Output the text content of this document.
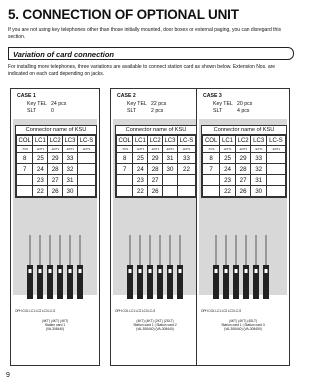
5. CONNECTION OF OPTIONAL UNIT
If you are not using key telephones other than those initially mounted, door boxes or external paging, you can disregard this section.
Variation of card connection
For installing more telephones, three variations are available to connect station card as shown below. Extension Nos. are indicated on each card depending on jacks.
CASE 1
Key TEL 24 pcs
SLT	0
Connector name of KSU
COL	LC1	LC2	LC3	LC-S
-TCS	-EXT1	-EXT1	-EXT1	-EXT1
8	25	29	33	
7	24	28	32	
	23	27	31	
	22	26	30	
OPH COL LC1 LC2 LC3 LC-S
(4KT) (4KT) (4KT)
Station card 1
(VA-308440)
CASE 2
Key TEL 22 pcs
SLT	2 pcs
Connector name of KSU
COL	LC1	LC2	LC3	LC-S
-TCS	-EXT1	-EXT1	-EXT1	-EXT1
8	25	29	31	33
7	24	28	30	22
	23	27		
	22	26		
OPH COL LC1 LC2 LC3 LC-S
(4KT) (4KT) (2KT) (2SLT)
Station card 1 | Station card 2
(VA-308440) (VA-308440)
CASE 3
Key TEL 20 pcs
SLT	4 pcs
Connector name of KSU
COL	LC1	LC2	LC3	LC-S
-TCS	-EXT1	-EXT1	-EXT1	-EXT1
8	25	29	33	
7	24	28	32	
	23	27	31	
	22	26	30	
OPH COL LC1 LC2 LC3 LC-S
(4KT) (4KT) (4SLT)
Station card 1 | Station card 3
(VA-308440) (VA-308450)
9
